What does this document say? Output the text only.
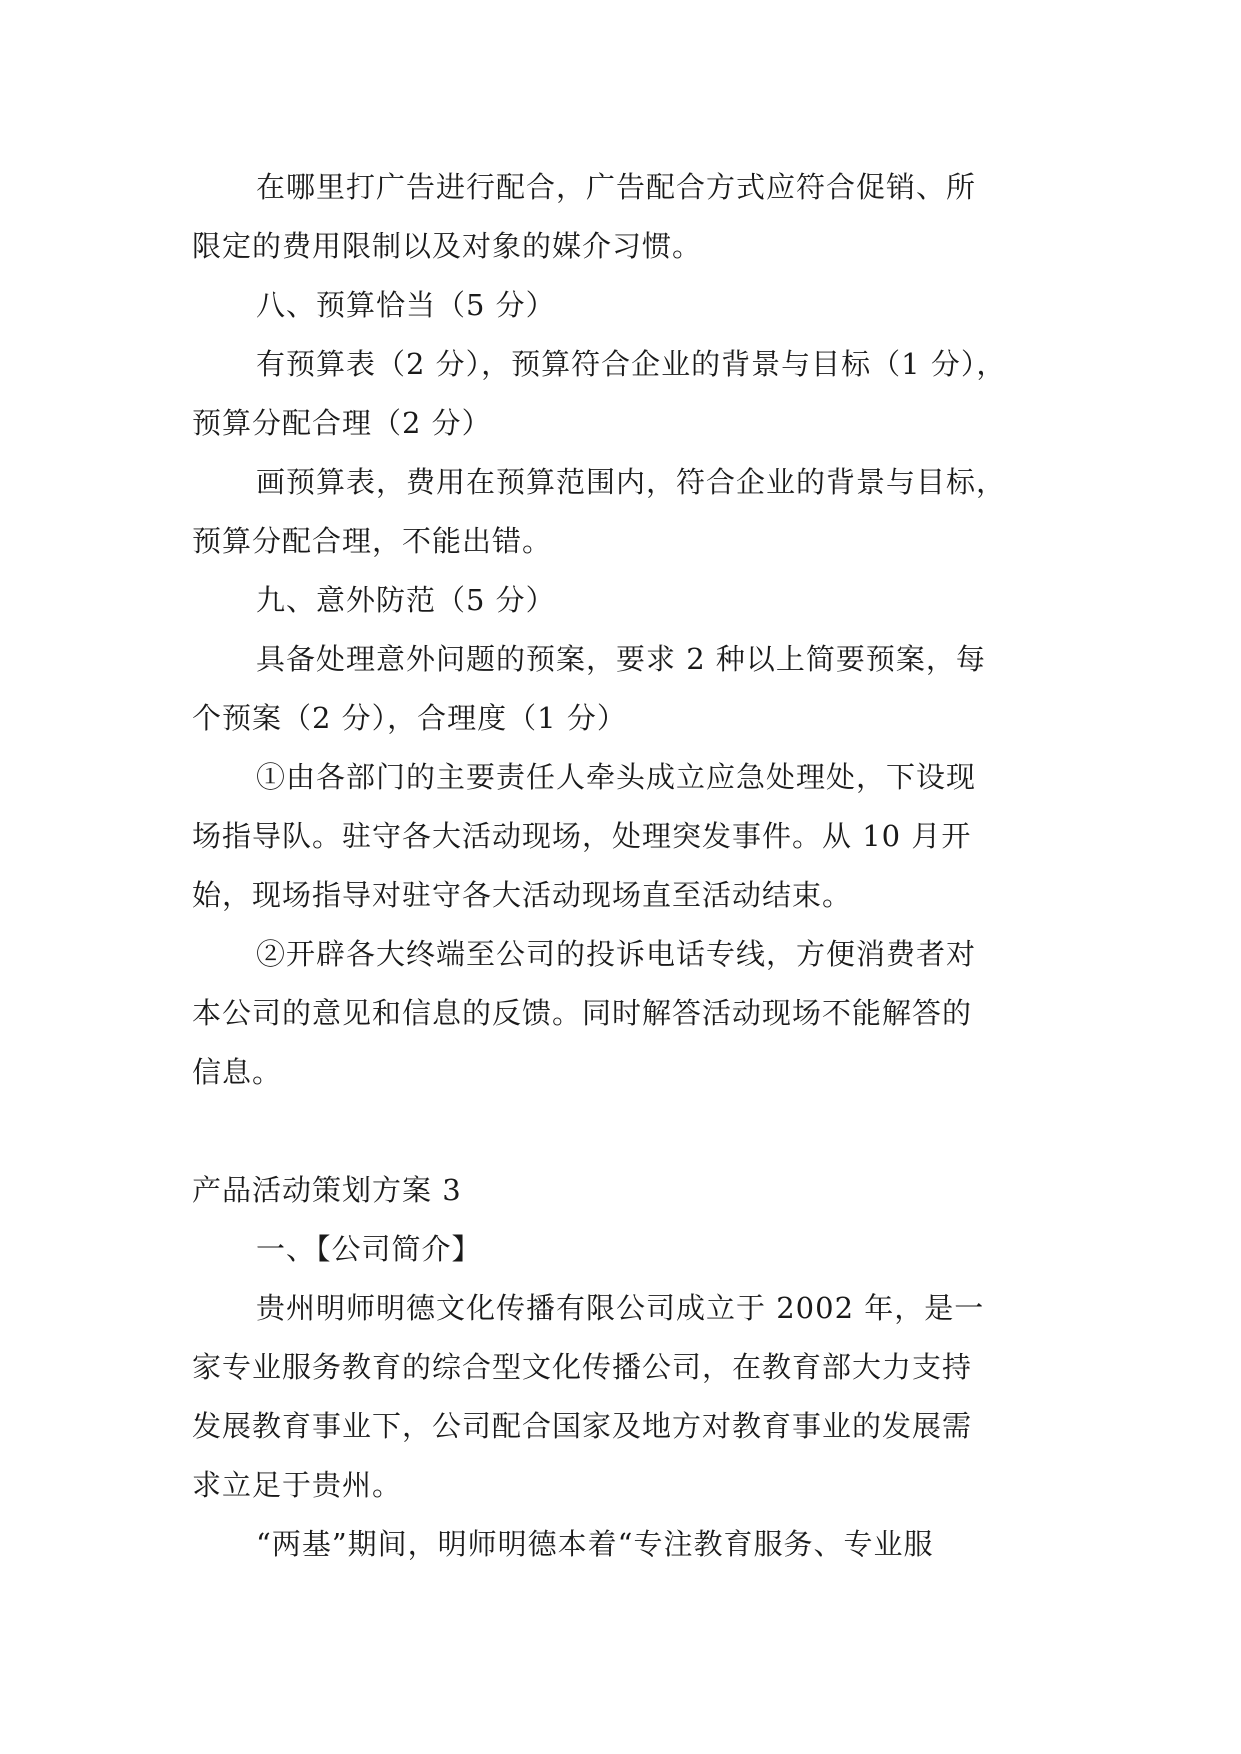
在哪里打广告进行配合，广告配合方式应符合促销、所
限定的费用限制以及对象的媒介习惯。
八、预算恰当（5 分）
有预算表（2 分），预算符合企业的背景与目标（1 分），
预算分配合理（2 分）
画预算表，费用在预算范围内，符合企业的背景与目标，
预算分配合理，不能出错。
九、意外防范（5 分）
具备处理意外问题的预案，要求 2 种以上简要预案，每
个预案（2 分），合理度（1 分）
①由各部门的主要责任人牵头成立应急处理处，下设现
场指导队。驻守各大活动现场，处理突发事件。从 10 月开
始，现场指导对驻守各大活动现场直至活动结束。
②开辟各大终端至公司的投诉电话专线，方便消费者对
本公司的意见和信息的反馈。同时解答活动现场不能解答的
信息。
产品活动策划方案 3
一、【公司简介】
贵州明师明德文化传播有限公司成立于 2002 年，是一
家专业服务教育的综合型文化传播公司，在教育部大力支持
发展教育事业下，公司配合国家及地方对教育事业的发展需
求立足于贵州。
“两基”期间，明师明德本着“专注教育服务、专业服
